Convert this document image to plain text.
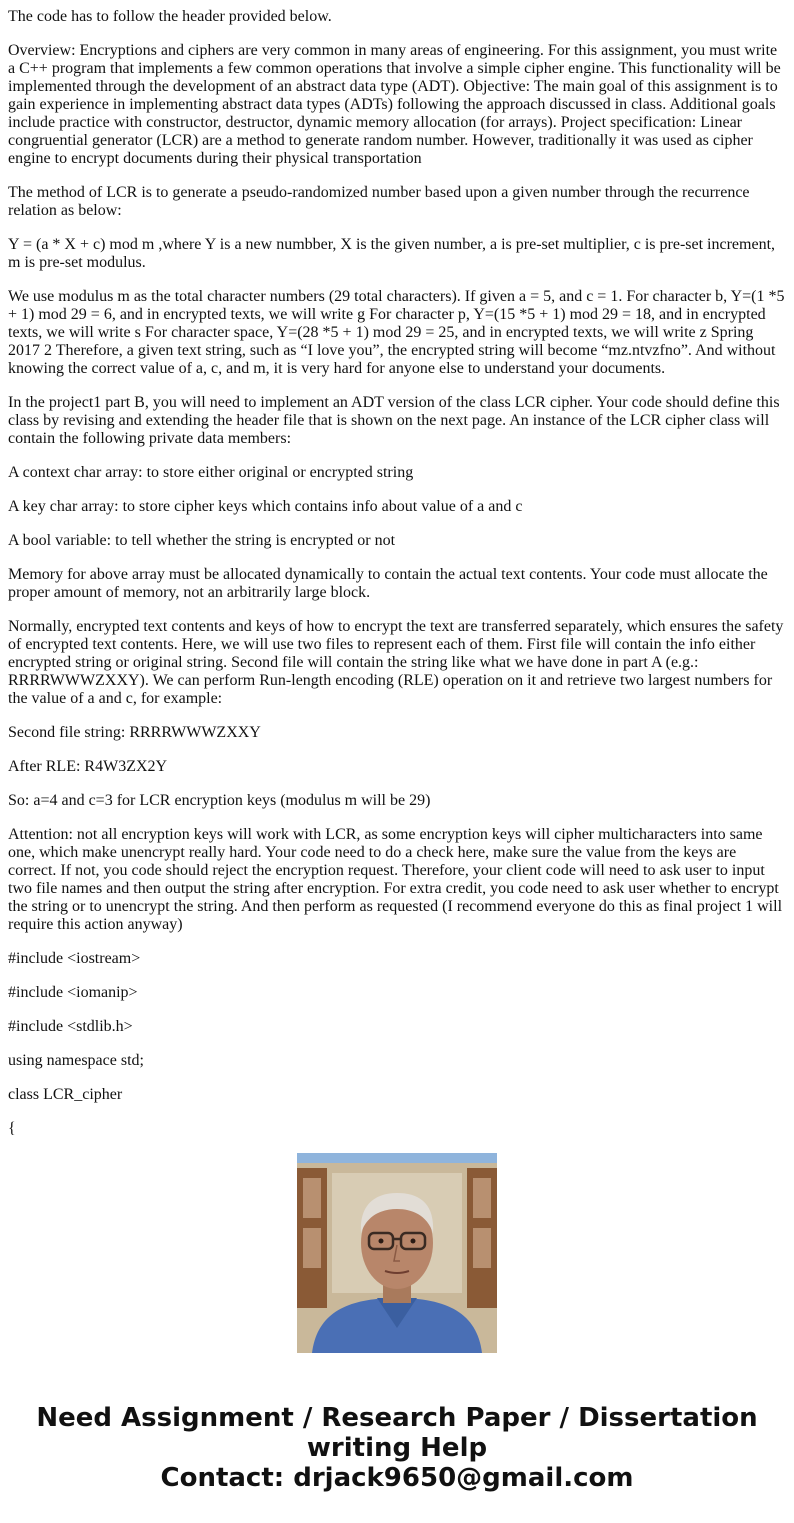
The code has to follow the header provided below.

Overview: Encryptions and ciphers are very common in many areas of engineering. For this assignment, you must write a C++ program that implements a few common operations that involve a simple cipher engine. This functionality will be implemented through the development of an abstract data type (ADT). Objective: The main goal of this assignment is to gain experience in implementing abstract data types (ADTs) following the approach discussed in class. Additional goals include practice with constructor, destructor, dynamic memory allocation (for arrays). Project specification: Linear congruential generator (LCR) are a method to generate random number. However, traditionally it was used as cipher engine to encrypt documents during their physical transportation

The method of LCR is to generate a pseudo-randomized number based upon a given number through the recurrence relation as below:

Y = (a * X + c) mod m ,where Y is a new numbber, X is the given number, a is pre-set multiplier, c is pre-set increment, m is pre-set modulus.

We use modulus m as the total character numbers (29 total characters). If given a = 5, and c = 1. For character b, Y=(1 *5 + 1) mod 29 = 6, and in encrypted texts, we will write g For character p, Y=(15 *5 + 1) mod 29 = 18, and in encrypted texts, we will write s For character space, Y=(28 *5 + 1) mod 29 = 25, and in encrypted texts, we will write z Spring 2017 2 Therefore, a given text string, such as “I love you”, the encrypted string will become “mz.ntvzfno”. And without knowing the correct value of a, c, and m, it is very hard for anyone else to understand your documents.

In the project1 part B, you will need to implement an ADT version of the class LCR cipher. Your code should define this class by revising and extending the header file that is shown on the next page. An instance of the LCR cipher class will contain the following private data members:

A context char array: to store either original or encrypted string

A key char array: to store cipher keys which contains info about value of a and c

A bool variable: to tell whether the string is encrypted or not

Memory for above array must be allocated dynamically to contain the actual text contents. Your code must allocate the proper amount of memory, not an arbitrarily large block.

Normally, encrypted text contents and keys of how to encrypt the text are transferred separately, which ensures the safety of encrypted text contents. Here, we will use two files to represent each of them. First file will contain the info either encrypted string or original string. Second file will contain the string like what we have done in part A (e.g.: RRRRWWWZXXY). We can perform Run-length encoding (RLE) operation on it and retrieve two largest numbers for the value of a and c, for example:

Second file string: RRRRWWWZXXY

After RLE: R4W3ZX2Y

So: a=4 and c=3 for LCR encryption keys (modulus m will be 29)

Attention: not all encryption keys will work with LCR, as some encryption keys will cipher multicharacters into same one, which make unencrypt really hard. Your code need to do a check here, make sure the value from the keys are correct. If not, you code should reject the encryption request. Therefore, your client code will need to ask user to input two file names and then output the string after encryption. For extra credit, you code need to ask user whether to encrypt the string or to unencrypt the string. And then perform as requested (I recommend everyone do this as final project 1 will require this action anyway)

#include <iostream>

#include <iomanip>

#include <stdlib.h>

using namespace std;

class LCR_cipher

{

Need Assignment / Research Paper / Dissertation
writing Help
Contact: drjack9650@gmail.com
